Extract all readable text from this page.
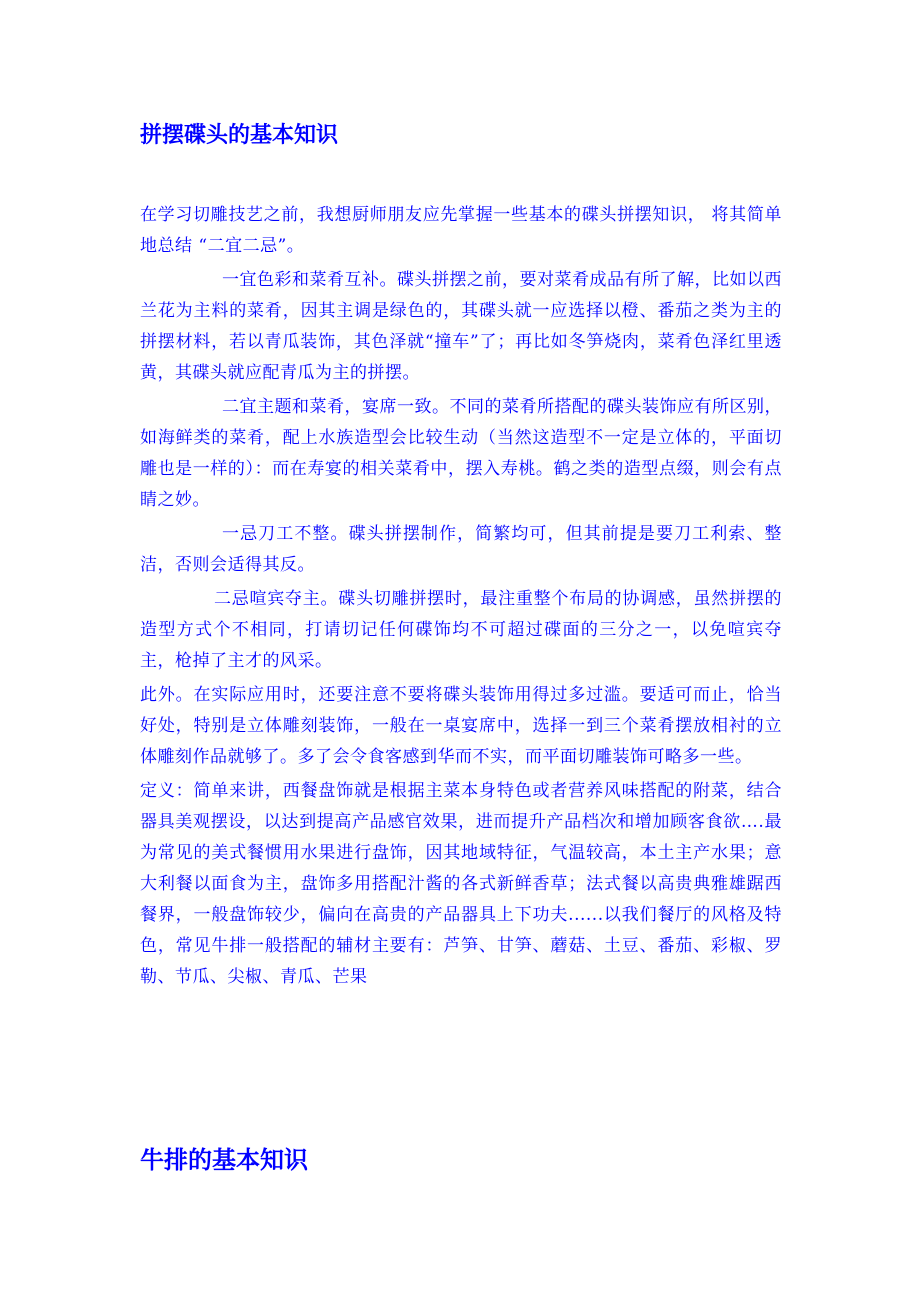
拼摆碟头的基本知识

在学习切雕技艺之前，我想厨师朋友应先掌握一些基本的碟头拼摆知识， 将其简单地总结 “二宜二忌”。

一宜色彩和菜肴互补。碟头拼摆之前，要对菜肴成品有所了解，比如以西兰花为主料的菜肴，因其主调是绿色的，其碟头就一应选择以橙、番茄之类为主的拼摆材料，若以青瓜装饰，其色泽就“撞车”了；再比如冬笋烧肉，菜肴色泽红里透黄，其碟头就应配青瓜为主的拼摆。

二宜主题和菜肴，宴席一致。不同的菜肴所搭配的碟头装饰应有所区别，如海鲜类的菜肴，配上水族造型会比较生动（当然这造型不一定是立体的，平面切雕也是一样的）：而在寿宴的相关菜肴中，摆入寿桃。鹤之类的造型点缀，则会有点睛之妙。

一忌刀工不整。碟头拼摆制作，简繁均可，但其前提是要刀工利索、整洁，否则会适得其反。

二忌喧宾夺主。碟头切雕拼摆时，最注重整个布局的协调感，虽然拼摆的造型方式个不相同，打请切记任何碟饰均不可超过碟面的三分之一，以免喧宾夺主，枪掉了主才的风采。

此外。在实际应用时，还要注意不要将碟头装饰用得过多过滥。要适可而止，恰当好处，特别是立体雕刻装饰，一般在一桌宴席中，选择一到三个菜肴摆放相衬的立体雕刻作品就够了。多了会令食客感到华而不实，而平面切雕装饰可略多一些。

定义：简单来讲，西餐盘饰就是根据主菜本身特色或者营养风味搭配的附菜，结合器具美观摆设，以达到提高产品感官效果，进而提升产品档次和增加顾客食欲….最为常见的美式餐惯用水果进行盘饰，因其地域特征，气温较高，本土主产水果；意大利餐以面食为主，盘饰多用搭配汁酱的各式新鲜香草；法式餐以高贵典雅雄踞西餐界，一般盘饰较少，偏向在高贵的产品器具上下功夫......以我们餐厅的风格及特色，常见牛排一般搭配的辅材主要有：芦笋、甘笋、蘑菇、土豆、番茄、彩椒、罗勒、节瓜、尖椒、青瓜、芒果

牛排的基本知识
